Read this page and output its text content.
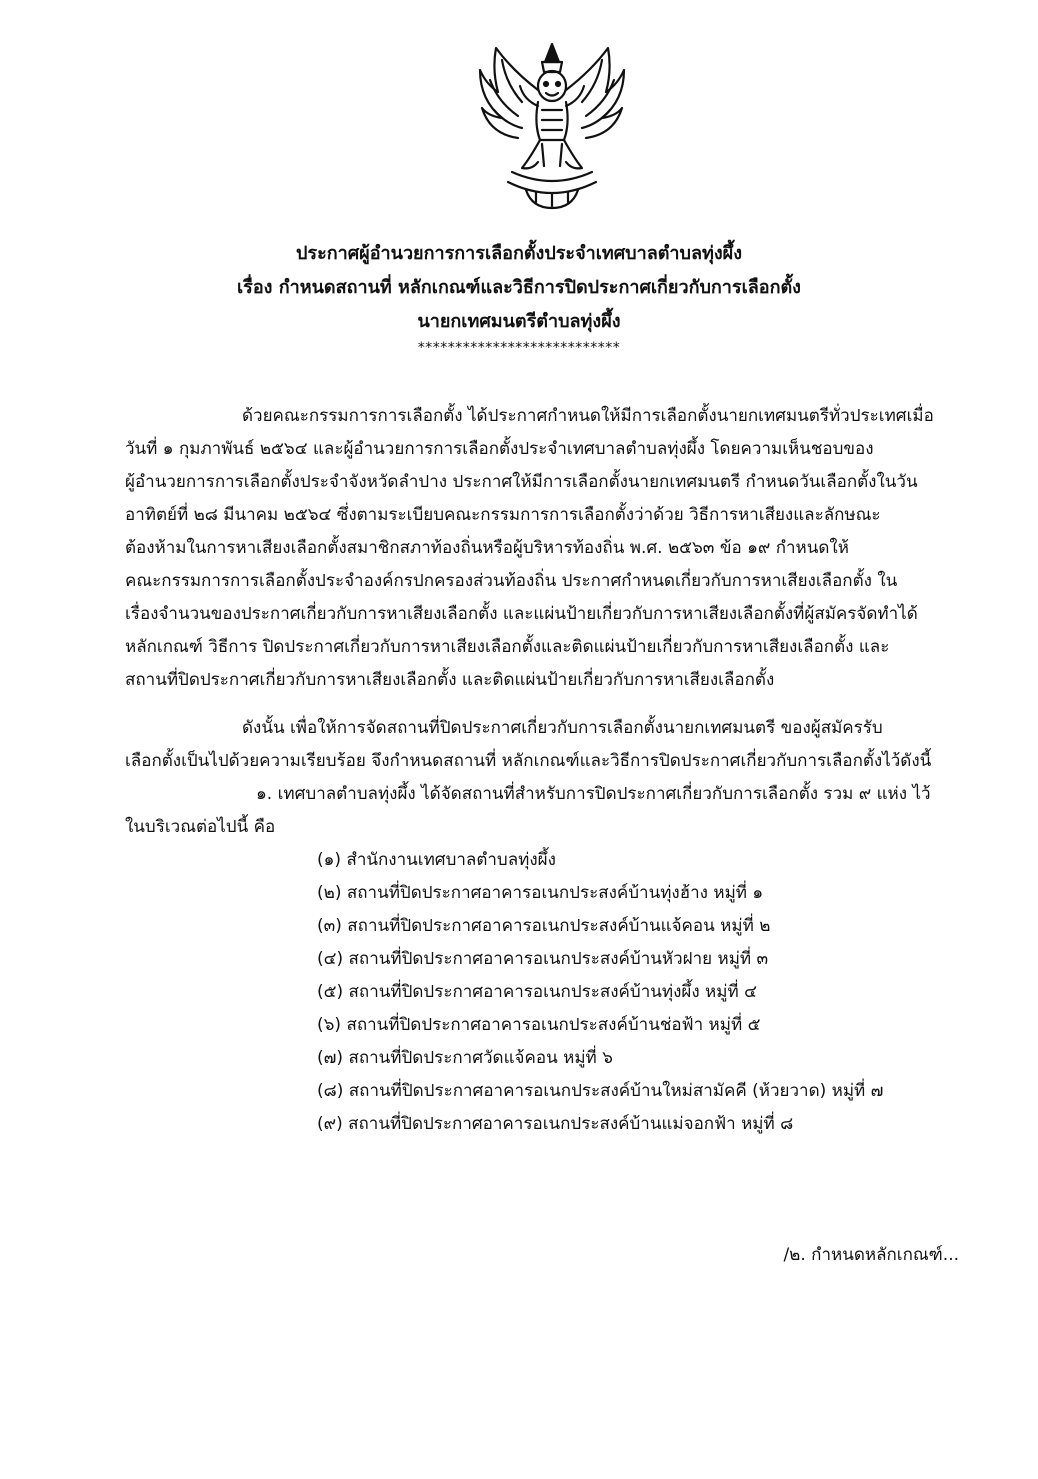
ประกาศผู้อำนวยการการเลือกตั้งประจำเทศบาลตำบลทุ่งผึ้ง
เรื่อง กำหนดสถานที่ หลักเกณฑ์และวิธีการปิดประกาศเกี่ยวกับการเลือกตั้ง
นายกเทศมนตรีตำบลทุ่งผึ้ง
***************************
ด้วยคณะกรรมการการเลือกตั้ง ได้ประกาศกำหนดให้มีการเลือกตั้งนายกเทศมนตรีทั่วประเทศเมื่อ
วันที่ ๑ กุมภาพันธ์ ๒๕๖๔ และผู้อำนวยการการเลือกตั้งประจำเทศบาลตำบลทุ่งผึ้ง โดยความเห็นชอบของ
ผู้อำนวยการการเลือกตั้งประจำจังหวัดลำปาง ประกาศให้มีการเลือกตั้งนายกเทศมนตรี กำหนดวันเลือกตั้งในวัน
อาทิตย์ที่ ๒๘ มีนาคม ๒๕๖๔ ซึ่งตามระเบียบคณะกรรมการการเลือกตั้งว่าด้วย วิธีการหาเสียงและลักษณะ
ต้องห้ามในการหาเสียงเลือกตั้งสมาชิกสภาท้องถิ่นหรือผู้บริหารท้องถิ่น พ.ศ. ๒๕๖๓ ข้อ ๑๙ กำหนดให้
คณะกรรมการการเลือกตั้งประจำองค์กรปกครองส่วนท้องถิ่น ประกาศกำหนดเกี่ยวกับการหาเสียงเลือกตั้ง ใน
เรื่องจำนวนของประกาศเกี่ยวกับการหาเสียงเลือกตั้ง และแผ่นป้ายเกี่ยวกับการหาเสียงเลือกตั้งที่ผู้สมัครจัดทำได้
หลักเกณฑ์ วิธีการ ปิดประกาศเกี่ยวกับการหาเสียงเลือกตั้งและติดแผ่นป้ายเกี่ยวกับการหาเสียงเลือกตั้ง และ
สถานที่ปิดประกาศเกี่ยวกับการหาเสียงเลือกตั้ง และติดแผ่นป้ายเกี่ยวกับการหาเสียงเลือกตั้ง
ดังนั้น เพื่อให้การจัดสถานที่ปิดประกาศเกี่ยวกับการเลือกตั้งนายกเทศมนตรี ของผู้สมัครรับ
เลือกตั้งเป็นไปด้วยความเรียบร้อย จึงกำหนดสถานที่ หลักเกณฑ์และวิธีการปิดประกาศเกี่ยวกับการเลือกตั้งไว้ดังนี้
๑. เทศบาลตำบลทุ่งผึ้ง ได้จัดสถานที่สำหรับการปิดประกาศเกี่ยวกับการเลือกตั้ง รวม ๙ แห่ง ไว้
ในบริเวณต่อไปนี้ คือ
(๑) สำนักงานเทศบาลตำบลทุ่งผึ้ง
(๒) สถานที่ปิดประกาศอาคารอเนกประสงค์บ้านทุ่งฮ้าง หมู่ที่ ๑
(๓) สถานที่ปิดประกาศอาคารอเนกประสงค์บ้านแจ้คอน หมู่ที่ ๒
(๔) สถานที่ปิดประกาศอาคารอเนกประสงค์บ้านหัวฝาย หมู่ที่ ๓
(๕) สถานที่ปิดประกาศอาคารอเนกประสงค์บ้านทุ่งผึ้ง หมู่ที่ ๔
(๖) สถานที่ปิดประกาศอาคารอเนกประสงค์บ้านช่อฟ้า หมู่ที่ ๕
(๗) สถานที่ปิดประกาศวัดแจ้คอน หมู่ที่ ๖
(๘) สถานที่ปิดประกาศอาคารอเนกประสงค์บ้านใหม่สามัคคี (ห้วยวาด) หมู่ที่ ๗
(๙) สถานที่ปิดประกาศอาคารอเนกประสงค์บ้านแม่จอกฟ้า หมู่ที่ ๘
/๒. กำหนดหลักเกณฑ์...
